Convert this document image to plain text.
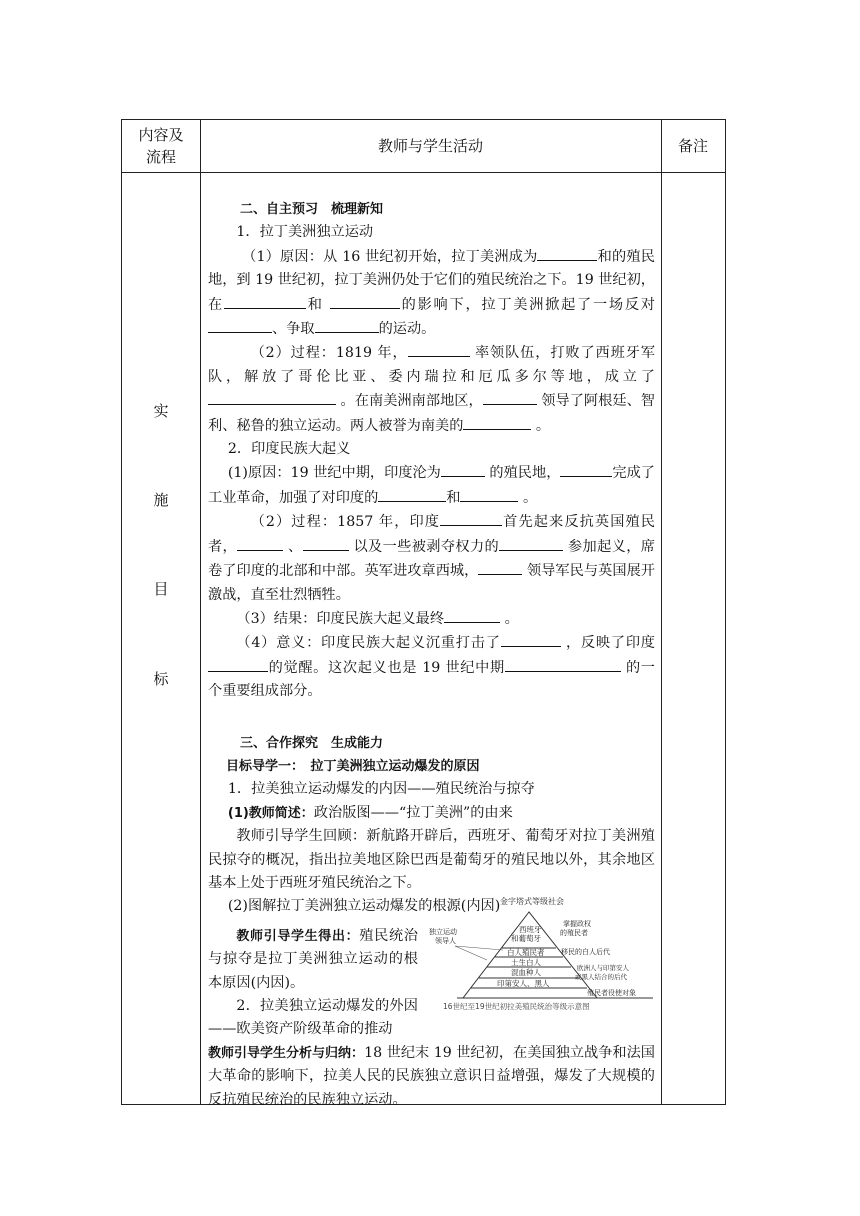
内容及
流程
教师与学生活动	备注
实
施
目
标

二、自主预习　梳理新知

1．拉丁美洲独立运动

（1）原因：从 16 世纪初开始，拉丁美洲成为	和的殖民地，到 19 世纪初，拉丁美洲仍处于它们的殖民统治之下。19 世纪初，在	和	的影响下，拉丁美洲掀起了一场反对、争取	的运动。

（2）过程：1819 年，	率领队伍，打败了西班牙军队，解放了哥伦比亚、委内瑞拉和厄瓜多尔等地，成立了 。在南美洲南部地区，	领导了阿根廷、智利、秘鲁的独立运动。两人被誉为南美的	。

2．印度民族大起义

(1)原因：19 世纪中期，印度沦为	的殖民地，	完成了工业革命，加强了对印度的	和	。

（2）过程：1857 年，印度	首先起来反抗英国殖民者，	、	以及一些被剥夺权力的	参加起义，席卷了印度的北部和中部。英军进攻章西城，	领导军民与英国展开激战，直至壮烈牺牲。

（3）结果：印度民族大起义最终	。

（4）意义：印度民族大起义沉重打击了	，反映了印度的觉醒。这次起义也是 19 世纪中期	的一个重要组成部分。

三、合作探究　生成能力

目标导学一：　拉丁美洲独立运动爆发的原因

1．拉美独立运动爆发的内因——殖民统治与掠夺

(1)教师简述：政治版图——“拉丁美洲”的由来

教师引导学生回顾：新航路开辟后，西班牙、葡萄牙对拉丁美洲殖民掠夺的概况，指出拉美地区除巴西是葡萄牙的殖民地以外，其余地区基本上处于西班牙殖民统治之下。

(2)图解拉丁美洲独立运动爆发的根源(内因)

教师引导学生得出：殖民统治与掠夺是拉丁美洲独立运动的根本原因(内因)。

2．拉美独立运动爆发的外因——欧美资产阶级革命的推动

教师引导学生分析与归纳：18 世纪末 19 世纪初，在美国独立战争和法国大革命的影响下，拉美人民的民族独立意识日益增强，爆发了大规模的反抗殖民统治的民族独立运动。

金字塔式等级社会
西班牙和葡萄牙
白人殖民者
土生白人
混血种人
印第安人、黑人
独立运动领导人
掌握政权的殖民者
移民的白人后代
欧洲人与印第安人或黑人结合的后代
殖民者役使对象
16世纪至19世纪初拉美殖民统治等级示意图
